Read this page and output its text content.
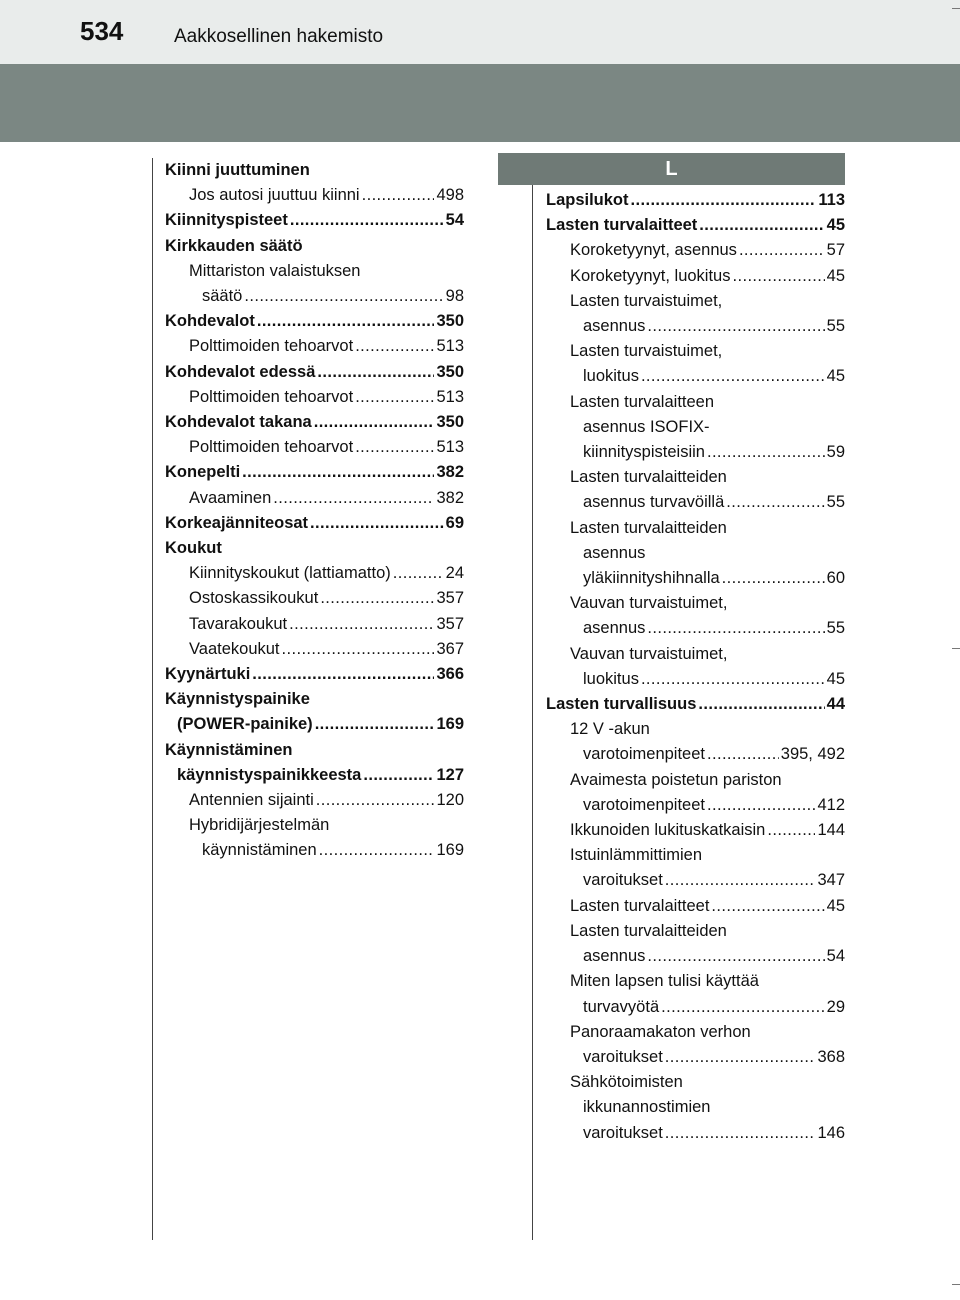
534	Aakkosellinen hakemisto
L
Kiinni juuttuminen
Jos autosi juuttuu kiinni .....	498
Kiinnityspisteet .....	54
Kirkkauden säätö
Mittariston valaistuksen
säätö .....	98
Kohdevalot .....	350
Polttimoiden tehoarvot .....	513
Kohdevalot edessä .....	350
Polttimoiden tehoarvot .....	513
Kohdevalot takana .....	350
Polttimoiden tehoarvot .....	513
Konepelti .....	382
Avaaminen .....	382
Korkeajänniteosat .....	69
Koukut
Kiinnityskoukut (lattiamatto) .....	24
Ostoskassikoukut .....	357
Tavarakoukut .....	357
Vaatekoukut .....	367
Kyynärtuki .....	366
Käynnistyspainike
(POWER-painike) .....	169
Käynnistäminen
käynnistyspainikkeesta .....	127
Antennien sijainti .....	120
Hybridijärjestelmän
käynnistäminen .....	169
Lapsilukot .....	113
Lasten turvalaitteet .....	45
Koroketyynyt, asennus .....	57
Koroketyynyt, luokitus .....	45
Lasten turvaistuimet,
asennus .....	55
Lasten turvaistuimet,
luokitus .....	45
Lasten turvalaitteen
asennus ISOFIX-
kiinnityspisteisiin .....	59
Lasten turvalaitteiden
asennus turvavöillä .....	55
Lasten turvalaitteiden
asennus
yläkiinnityshihnalla .....	60
Vauvan turvaistuimet,
asennus .....	55
Vauvan turvaistuimet,
luokitus .....	45
Lasten turvallisuus .....	44
12 V -akun
varotoimenpiteet .....	395, 492
Avaimesta poistetun pariston
varotoimenpiteet .....	412
Ikkunoiden lukituskatkaisin .....	144
Istuinlämmittimien
varoitukset .....	347
Lasten turvalaitteet .....	45
Lasten turvalaitteiden
asennus .....	54
Miten lapsen tulisi käyttää
turvavyötä .....	29
Panoraamakaton verhon
varoitukset .....	368
Sähkötoimisten
ikkunannostimien
varoitukset .....	146
